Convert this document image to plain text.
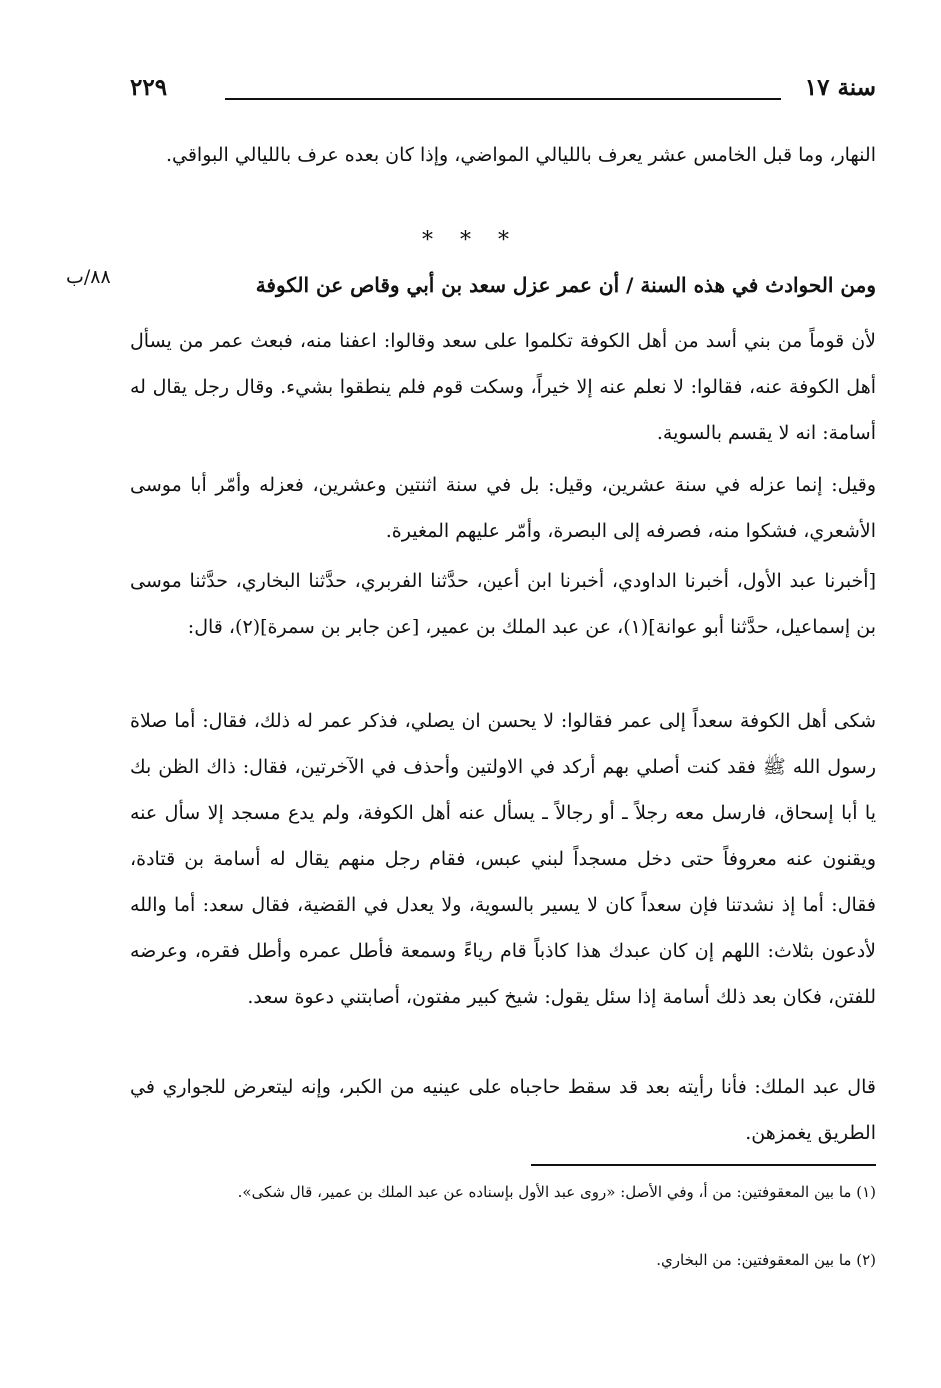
سنة ١٧
٢٢٩
النهار، وما قبل الخامس عشر يعرف بالليالي المواضي، وإذا كان بعده عرف بالليالي البواقي.
* * *
ومن الحوادث في هذه السنة / أن عمر عزل سعد بن أبي وقاص عن الكوفة
٨٨/ب
لأن قوماً من بني أسد من أهل الكوفة تكلموا على سعد وقالوا: اعفنا منه، فبعث عمر من يسأل أهل الكوفة عنه، فقالوا: لا نعلم عنه إلا خيراً، وسكت قوم فلم ينطقوا بشيء. وقال رجل يقال له أسامة: انه لا يقسم بالسوية.
وقيل: إنما عزله في سنة عشرين، وقيل: بل في سنة اثنتين وعشرين، فعزله وأمّر أبا موسى الأشعري، فشكوا منه، فصرفه إلى البصرة، وأمّر عليهم المغيرة.
[أخبرنا عبد الأول، أخبرنا الداودي، أخبرنا ابن أعين، حدَّثنا الفربري، حدَّثنا البخاري، حدَّثنا موسى بن إسماعيل، حدَّثنا أبو عوانة](١)، عن عبد الملك بن عمير، [عن جابر بن سمرة](٢)، قال:
شكى أهل الكوفة سعداً إلى عمر فقالوا: لا يحسن ان يصلي، فذكر عمر له ذلك، فقال: أما صلاة رسول الله ﷺ فقد كنت أصلي بهم أركد في الاولتين وأحذف في الآخرتين، فقال: ذاك الظن بك يا أبا إسحاق، فارسل معه رجلاً ـ أو رجالاً ـ يسأل عنه أهل الكوفة، ولم يدع مسجد إلا سأل عنه ويقنون عنه معروفاً حتى دخل مسجداً لبني عبس، فقام رجل منهم يقال له أسامة بن قتادة، فقال: أما إذ نشدتنا فإن سعداً كان لا يسير بالسوية، ولا يعدل في القضية، فقال سعد: أما والله لأدعون بثلاث: اللهم إن كان عبدك هذا كاذباً قام رياءً وسمعة فأطل عمره وأطل فقره، وعرضه للفتن، فكان بعد ذلك أسامة إذا سئل يقول: شيخ كبير مفتون، أصابتني دعوة سعد.
قال عبد الملك: فأنا رأيته بعد قد سقط حاجباه على عينيه من الكبر، وإنه ليتعرض للجواري في الطريق يغمزهن.
(١) ما بين المعقوفتين: من أ، وفي الأصل: «روى عبد الأول بإسناده عن عبد الملك بن عمير، قال شكى».
(٢) ما بين المعقوفتين: من البخاري.
